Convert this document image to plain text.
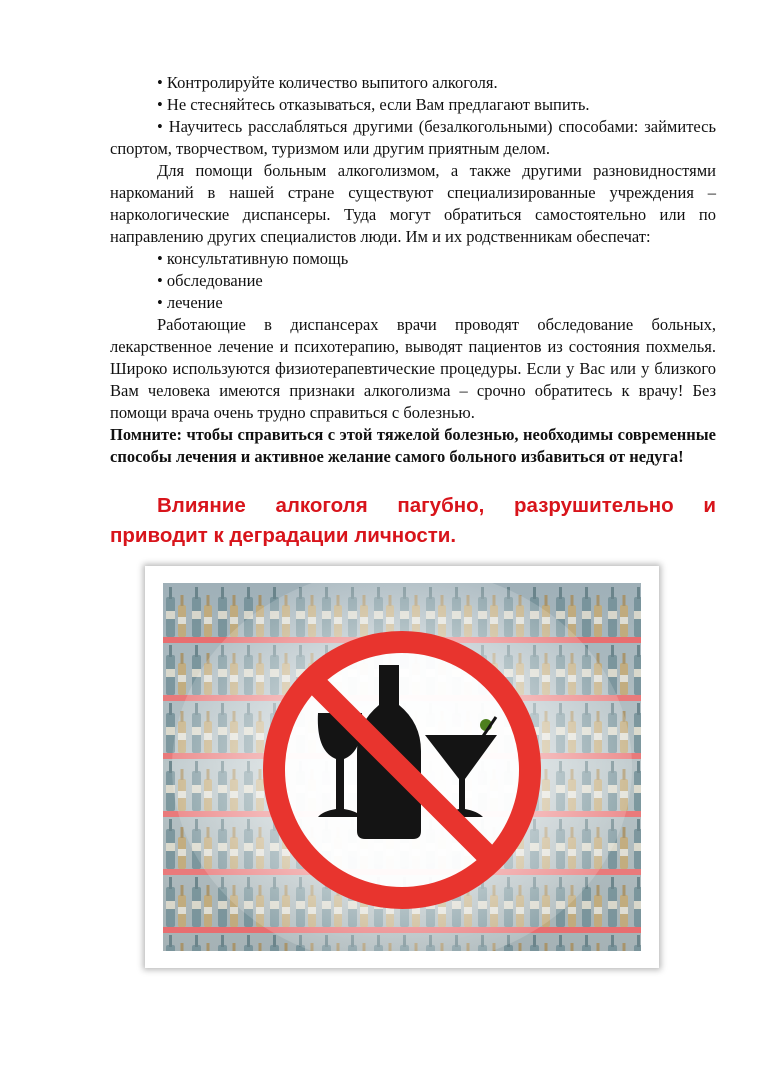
• Контролируйте количество выпитого алкоголя.

• Не стесняйтесь отказываться, если Вам предлагают выпить.

• Научитесь расслабляться другими (безалкогольными) способами: займитесь спортом, творчеством, туризмом или другим приятным делом.

Для помощи больным алкоголизмом, а также другими разновидностями наркоманий в нашей стране существуют специализированные учреждения – наркологические диспансеры. Туда могут обратиться самостоятельно или по направлению других специалистов люди. Им и их родственникам обеспечат:

• консультативную помощь

• обследование

• лечение

Работающие в диспансерах врачи проводят обследование больных, лекарственное лечение и психотерапию, выводят пациентов из состояния похмелья. Широко используются физиотерапевтические процедуры. Если у Вас или у близкого Вам человека имеются признаки алкоголизма – срочно обратитесь к врачу! Без помощи врача очень трудно справиться с болезнью.

Помните: чтобы справиться с этой тяжелой болезнью, необходимы современные способы лечения и активное желание самого больного избавиться от недуга!

Влияние алкоголя пагубно, разрушительно и приводит к деградации личности.
